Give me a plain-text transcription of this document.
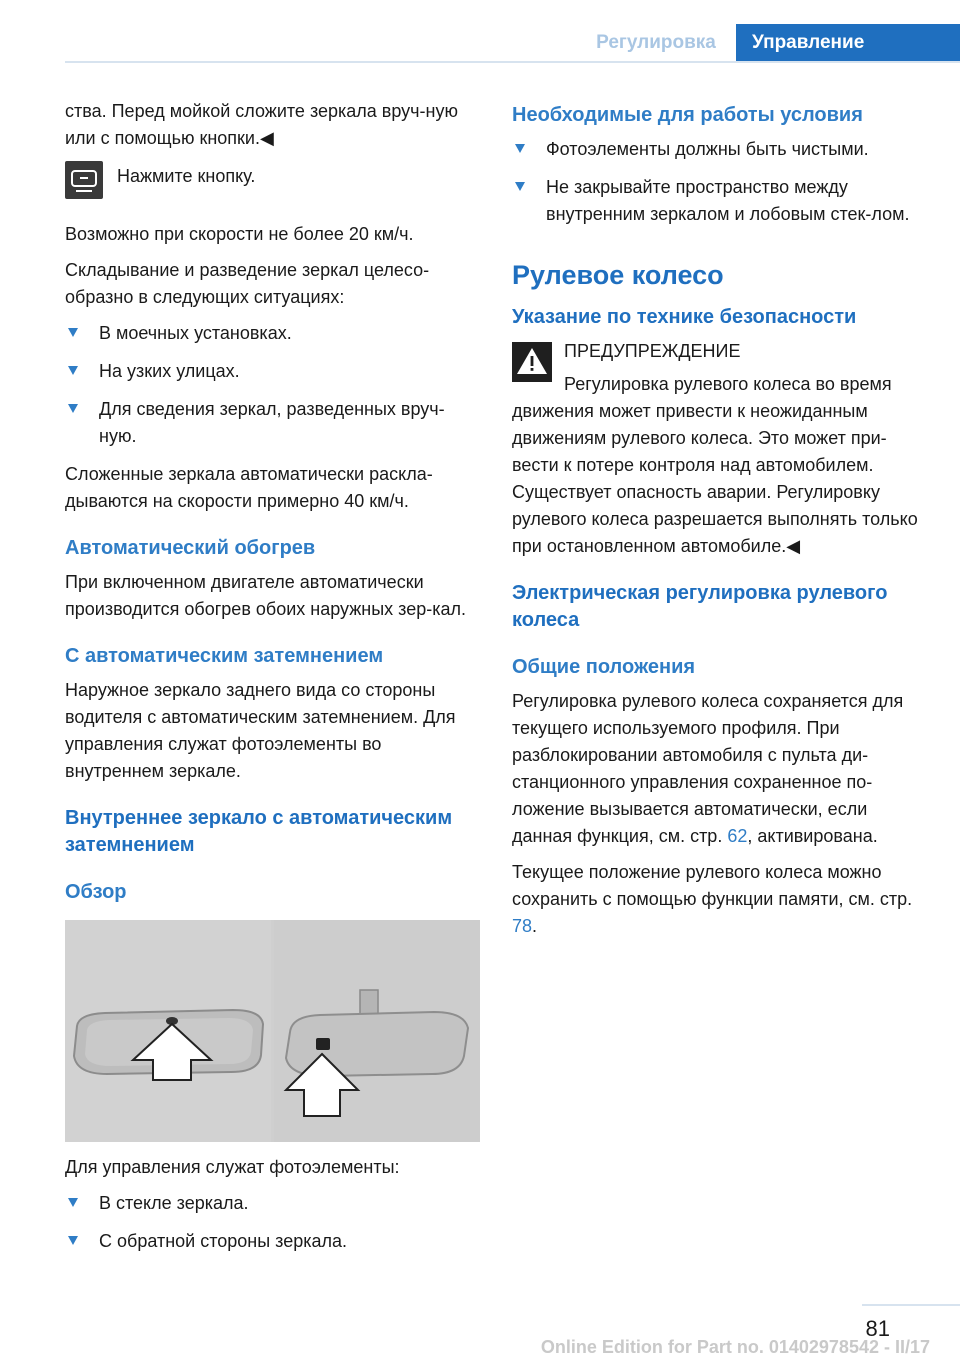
Регулировка	Управление
ства. Перед мойкой сложите зеркала вруч-ную или с помощью кнопки.◀
Нажмите кнопку.
Возможно при скорости не более 20 км/ч.
Складывание и разведение зеркал целесо-образно в следующих ситуациях:
В моечных установках.
На узких улицах.
Для сведения зеркал, разведенных вруч-ную.
Сложенные зеркала автоматически раскла-дываются на скорости примерно 40 км/ч.
Автоматический обогрев
При включенном двигателе автоматически производится обогрев обоих наружных зер-кал.
С автоматическим затемнением
Наружное зеркало заднего вида со стороны водителя с автоматическим затемнением. Для управления служат фотоэлементы во внутреннем зеркале.
Внутреннее зеркало с автоматическим затемнением
Обзор
Для управления служат фотоэлементы:
В стекле зеркала.
С обратной стороны зеркала.
Необходимые для работы условия
Фотоэлементы должны быть чистыми.
Не закрывайте пространство между внутренним зеркалом и лобовым стек-лом.
Рулевое колесо
Указание по технике безопасности
ПРЕДУПРЕЖДЕНИЕ
Регулировка рулевого колеса во время
движения может привести к неожиданным движениям рулевого колеса. Это может при-вести к потере контроля над автомобилем. Существует опасность аварии. Регулировку рулевого колеса разрешается выполнять только при остановленном автомобиле.◀
Электрическая регулировка рулевого колеса
Общие положения
Регулировка рулевого колеса сохраняется для текущего используемого профиля. При разблокировании автомобиля с пульта ди-станционного управления сохраненное по-ложение вызывается автоматически, если данная функция, см. стр. 62, активирована.
Текущее положение рулевого колеса можно сохранить с помощью функции памяти, см. стр. 78.
81
Online Edition for Part no. 01402978542 - II/17
